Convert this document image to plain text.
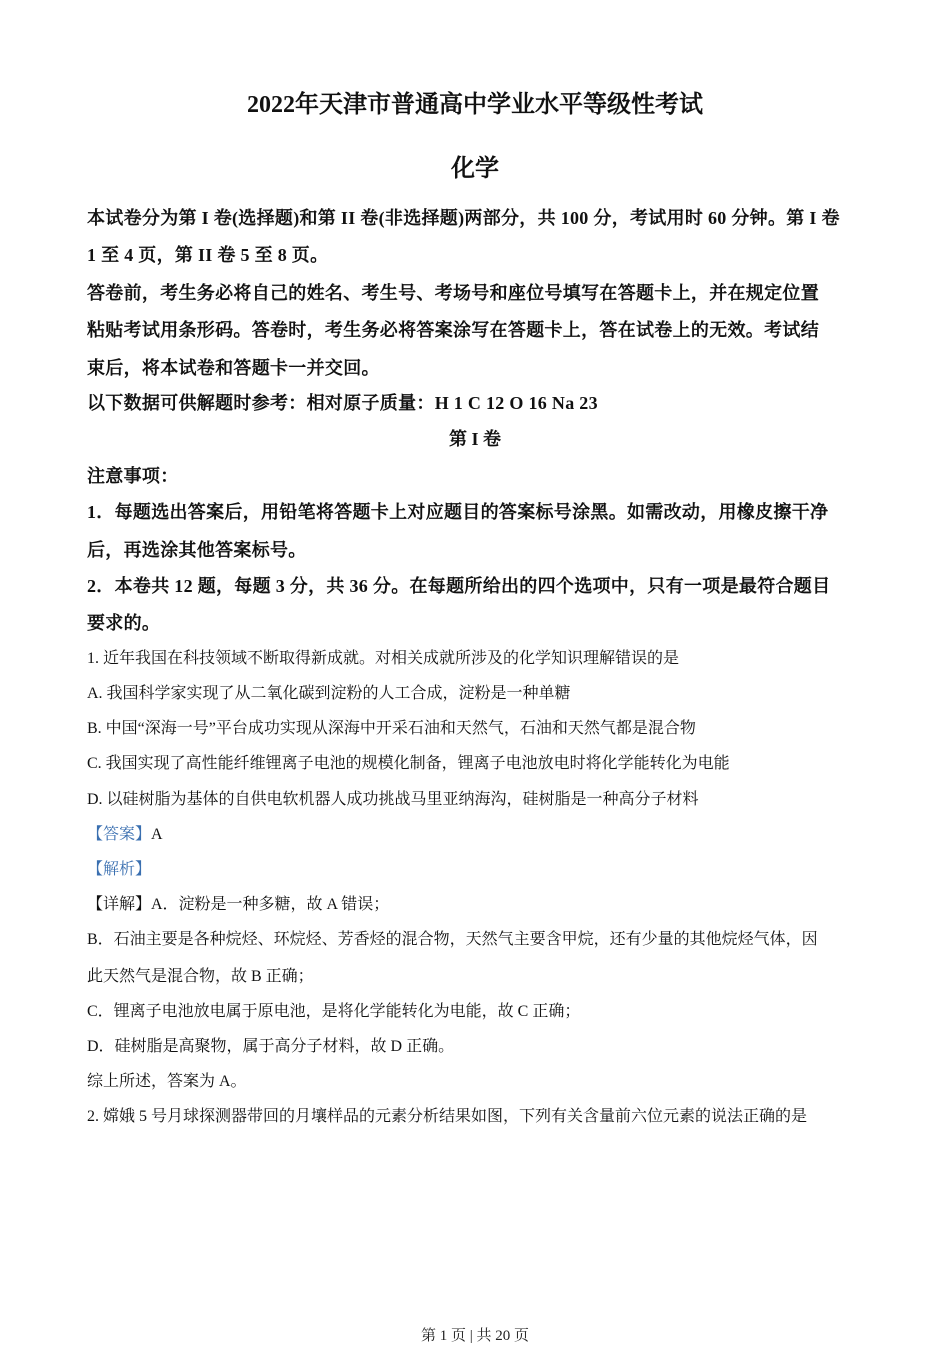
2022年天津市普通高中学业水平等级性考试
化学
本试卷分为第 I 卷(选择题)和第 II 卷(非选择题)两部分，共 100 分，考试用时 60 分钟。第 I 卷
1 至 4 页，第 II 卷 5 至 8 页。
答卷前，考生务必将自己的姓名、考生号、考场号和座位号填写在答题卡上，并在规定位置
粘贴考试用条形码。答卷时，考生务必将答案涂写在答题卡上，答在试卷上的无效。考试结
束后，将本试卷和答题卡一并交回。
以下数据可供解题时参考：相对原子质量：H 1 C 12 O 16 Na 23
第 I 卷
注意事项：
1．每题选出答案后，用铅笔将答题卡上对应题目的答案标号涂黑。如需改动，用橡皮擦干净
后，再选涂其他答案标号。
2．本卷共 12 题，每题 3 分，共 36 分。在每题所给出的四个选项中，只有一项是最符合题目
要求的。
1. 近年我国在科技领域不断取得新成就。对相关成就所涉及的化学知识理解错误的是
A. 我国科学家实现了从二氧化碳到淀粉的人工合成，淀粉是一种单糖
B. 中国“深海一号”平台成功实现从深海中开采石油和天然气，石油和天然气都是混合物
C. 我国实现了高性能纤维锂离子电池的规模化制备，锂离子电池放电时将化学能转化为电能
D. 以硅树脂为基体的自供电软机器人成功挑战马里亚纳海沟，硅树脂是一种高分子材料
【答案】A
【解析】
【详解】A．淀粉是一种多糖，故 A 错误；
B．石油主要是各种烷烃、环烷烃、芳香烃的混合物，天然气主要含甲烷，还有少量的其他烷烃气体，因
此天然气是混合物，故 B 正确；
C．锂离子电池放电属于原电池，是将化学能转化为电能，故 C 正确；
D．硅树脂是高聚物，属于高分子材料，故 D 正确。
综上所述，答案为 A。
2. 嫦娥 5 号月球探测器带回的月壤样品的元素分析结果如图，下列有关含量前六位元素的说法正确的是
第 1 页 | 共 20 页
